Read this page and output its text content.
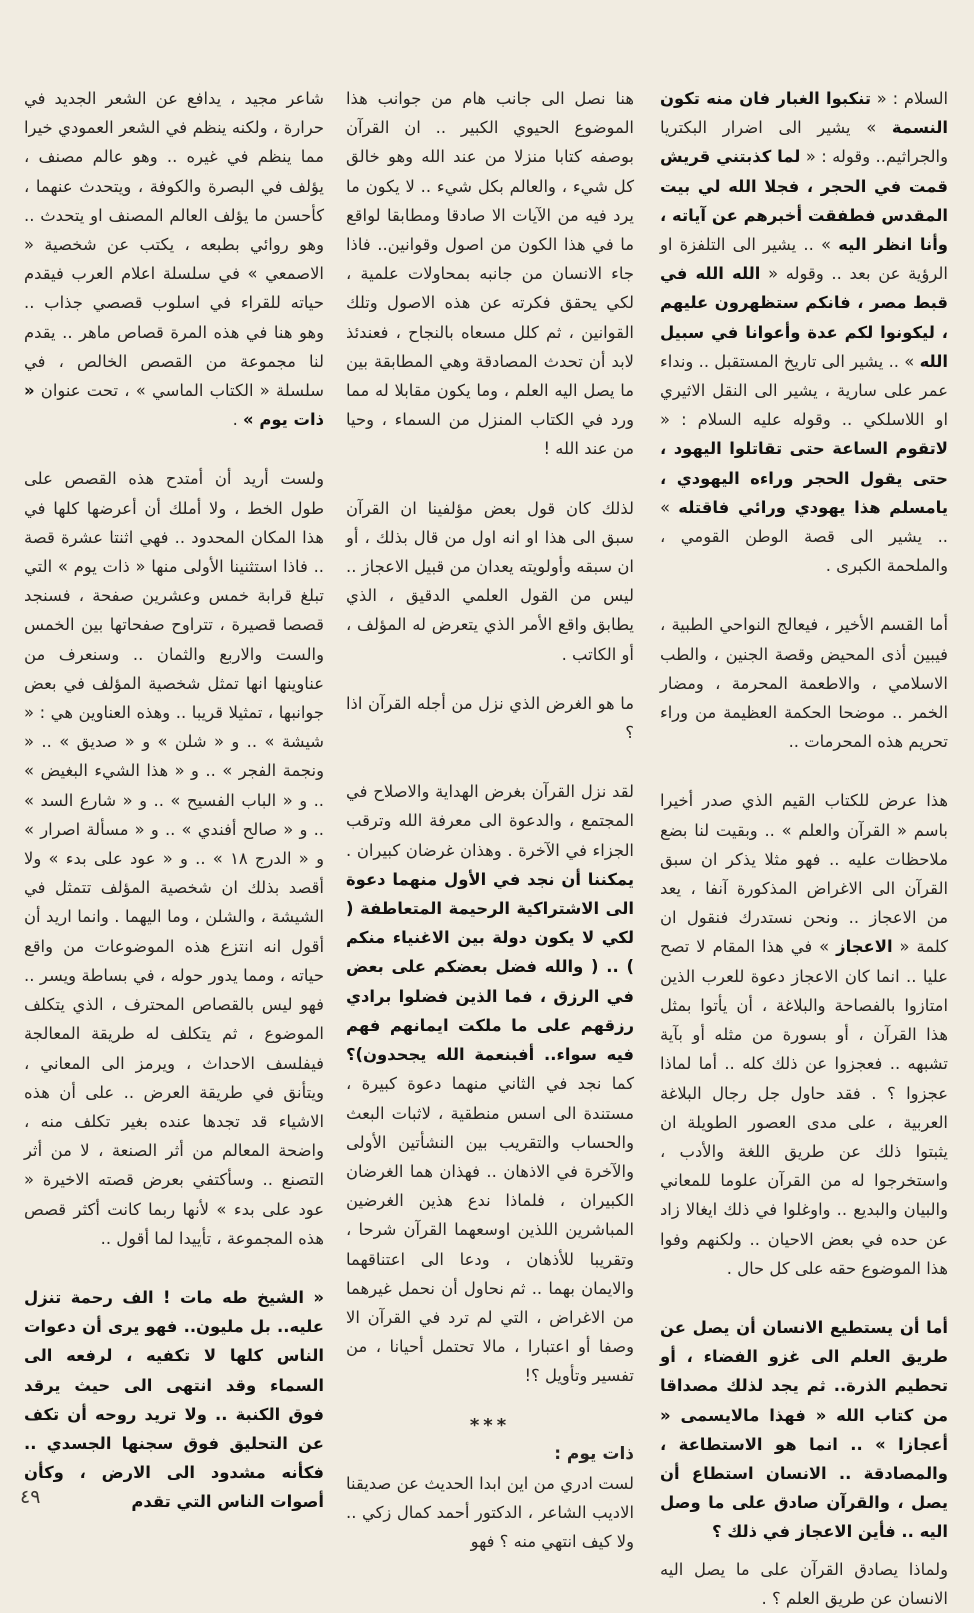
السلام : « تنكبوا الغبار فان منه تكون النسمة » يشير الى اضرار البكتريا والجراثيم.. وقوله : « لما كذبتني قريش قمت في الحجر ، فجلا الله لي بيت المقدس فطفقت أخبرهم عن آياته ، وأنا انظر اليه » .. يشير الى التلفزة او الرؤية عن بعد .. وقوله « الله الله في قبط مصر ، فانكم ستظهرون عليهم ، ليكونوا لكم عدة وأعوانا في سبيل الله » .. يشير الى تاريخ المستقبل .. ونداء عمر على سارية ، يشير الى النقل الاثيري او اللاسلكي .. وقوله عليه السلام : « لاتقوم الساعة حتى تقاتلوا اليهود ، حتى يقول الحجر وراءه اليهودي ، يامسلم هذا يهودي ورائي فاقتله » .. يشير الى قصة الوطن القومي ، والملحمة الكبرى .

أما القسم الأخير ، فيعالج النواحي الطبية ، فيبين أذى المحيض وقصة الجنين ، والطب الاسلامي ، والاطعمة المحرمة ، ومضار الخمر .. موضحا الحكمة العظيمة من وراء تحريم هذه المحرمات ..

هذا عرض للكتاب القيم الذي صدر أخيرا باسم « القرآن والعلم » .. وبقيت لنا بضع ملاحظات عليه .. فهو مثلا يذكر ان سبق القرآن الى الاغراض المذكورة آنفا ، يعد من الاعجاز .. ونحن نستدرك فنقول ان كلمة « الاعجاز » في هذا المقام لا تصح عليا .. انما كان الاعجاز دعوة للعرب الذين امتازوا بالفصاحة والبلاغة ، أن يأتوا بمثل هذا القرآن ، أو بسورة من مثله أو بآية تشبهه .. فعجزوا عن ذلك كله .. أما لماذا عجزوا ؟ . فقد حاول جل رجال البلاغة العربية ، على مدى العصور الطويلة ان يثبتوا ذلك عن طريق اللغة والأدب ، واستخرجوا له من القرآن علوما للمعاني والبيان والبديع .. واوغلوا في ذلك ايغالا زاد عن حده في بعض الاحيان .. ولكنهم وفوا هذا الموضوع حقه على كل حال .

أما أن يستطيع الانسان أن يصل عن طريق العلم الى غزو الفضاء ، أو تحطيم الذرة.. ثم يجد لذلك مصداقا من كتاب الله « فهذا مالايسمى « أعجازا » .. انما هو الاستطاعة ، والمصادقة .. الانسان استطاع أن يصل ، والقرآن صادق على ما وصل اليه .. فأين الاعجاز في ذلك ؟

ولماذا يصادق القرآن على ما يصل اليه الانسان عن طريق العلم ؟ .

هنا نصل الى جانب هام من جوانب هذا الموضوع الحيوي الكبير .. ان القرآن بوصفه كتابا منزلا من عند الله وهو خالق كل شيء ، والعالم بكل شيء .. لا يكون ما يرد فيه من الآيات الا صادقا ومطابقا لواقع ما في هذا الكون من اصول وقوانين.. فاذا جاء الانسان من جانبه بمحاولات علمية ، لكي يحقق فكرته عن هذه الاصول وتلك القوانين ، ثم كلل مسعاه بالنجاح ، فعندئذ لابد أن تحدث المصادقة وهي المطابقة بين ما يصل اليه العلم ، وما يكون مقابلا له مما ورد في الكتاب المنزل من السماء ، وحيا من عند الله !

لذلك كان قول بعض مؤلفينا ان القرآن سبق الى هذا او انه اول من قال بذلك ، أو ان سبقه وأولويته يعدان من قبيل الاعجاز .. ليس من القول العلمي الدقيق ، الذي يطابق واقع الأمر الذي يتعرض له المؤلف ، أو الكاتب .

ما هو الغرض الذي نزل من أجله القرآن اذا ؟

لقد نزل القرآن بغرض الهداية والاصلاح في المجتمع ، والدعوة الى معرفة الله وترقب الجزاء في الآخرة . وهذان غرضان كبيران . يمكننا أن نجد في الأول منهما دعوة الى الاشتراكية الرحيمة المتعاطفة ( لكي لا يكون دولة بين الاغنياء منكم ) .. ( والله فضل بعضكم على بعض في الرزق ، فما الذين فضلوا برادي رزقهم على ما ملكت ايمانهم فهم فيه سواء.. أفبنعمة الله يجحدون)؟ كما نجد في الثاني منهما دعوة كبيرة ، مستندة الى اسس منطقية ، لاثبات البعث والحساب والتقريب بين النشأتين الأولى والآخرة في الاذهان .. فهذان هما الغرضان الكبيران ، فلماذا ندع هذين الغرضين المباشرين اللذين اوسعهما القرآن شرحا ، وتقريبا للأذهان ، ودعا الى اعتناقهما والايمان بهما .. ثم نحاول أن نحمل غيرهما من الاغراض ، التي لم ترد في القرآن الا وصفا أو اعتبارا ، مالا تحتمل أحيانا ، من تفسير وتأويل ؟!

***

ذات يوم :

لست ادري من اين ابدا الحديث عن صديقنا الاديب الشاعر ، الدكتور أحمد كمال زكي .. ولا كيف انتهي منه ؟ فهو

شاعر مجيد ، يدافع عن الشعر الجديد في حرارة ، ولكنه ينظم في الشعر العمودي خيرا مما ينظم في غيره .. وهو عالم مصنف ، يؤلف في البصرة والكوفة ، ويتحدث عنهما ، كأحسن ما يؤلف العالم المصنف او يتحدث .. وهو روائي بطبعه ، يكتب عن شخصية « الاصمعي » في سلسلة اعلام العرب فيقدم حياته للقراء في اسلوب قصصي جذاب .. وهو هنا في هذه المرة قصاص ماهر .. يقدم لنا مجموعة من القصص الخالص ، في سلسلة « الكتاب الماسي » ، تحت عنوان « ذات يوم » .

ولست أريد أن أمتدح هذه القصص على طول الخط ، ولا أملك أن أعرضها كلها في هذا المكان المحدود .. فهي اثنتا عشرة قصة .. فاذا استثنينا الأولى منها « ذات يوم » التي تبلغ قرابة خمس وعشرين صفحة ، فسنجد قصصا قصيرة ، تتراوح صفحاتها بين الخمس والست والاربع والثمان .. وسنعرف من عناوينها انها تمثل شخصية المؤلف في بعض جوانبها ، تمثيلا قريبا .. وهذه العناوين هي : « شيشة » .. و « شلن » و « صديق » .. « ونجمة الفجر » .. و « هذا الشيء البغيض » .. و « الباب الفسيح » .. و « شارع السد » .. و « صالح أفندي » .. و « مسألة اصرار » و « الدرج ١٨ » .. و « عود على بدء » ولا أقصد بذلك ان شخصية المؤلف تتمثل في الشيشة ، والشلن ، وما اليهما . وانما اريد أن أقول انه انتزع هذه الموضوعات من واقع حياته ، ومما يدور حوله ، في بساطة ويسر .. فهو ليس بالقصاص المحترف ، الذي يتكلف الموضوع ، ثم يتكلف له طريقة المعالجة فيفلسف الاحداث ، ويرمز الى المعاني ، ويتأنق في طريقة العرض .. على أن هذه الاشياء قد تجدها عنده بغير تكلف منه ، واضحة المعالم من أثر الصنعة ، لا من أثر التصنع .. وسأكتفي بعرض قصته الاخيرة « عود على بدء » لأنها ربما كانت أكثر قصص هذه المجموعة ، تأييدا لما أقول ..

« الشيخ طه مات ! الف رحمة تنزل عليه.. بل مليون.. فهو يرى أن دعوات الناس كلها لا تكفيه ، لرفعه الى السماء وقد انتهى الى حيث يرقد فوق الكنبة .. ولا تريد روحه أن تكف عن التحليق فوق سجنها الجسدي .. فكأنه مشدود الى الارض ، وكأن أصوات الناس التي تقدم

٤٩
